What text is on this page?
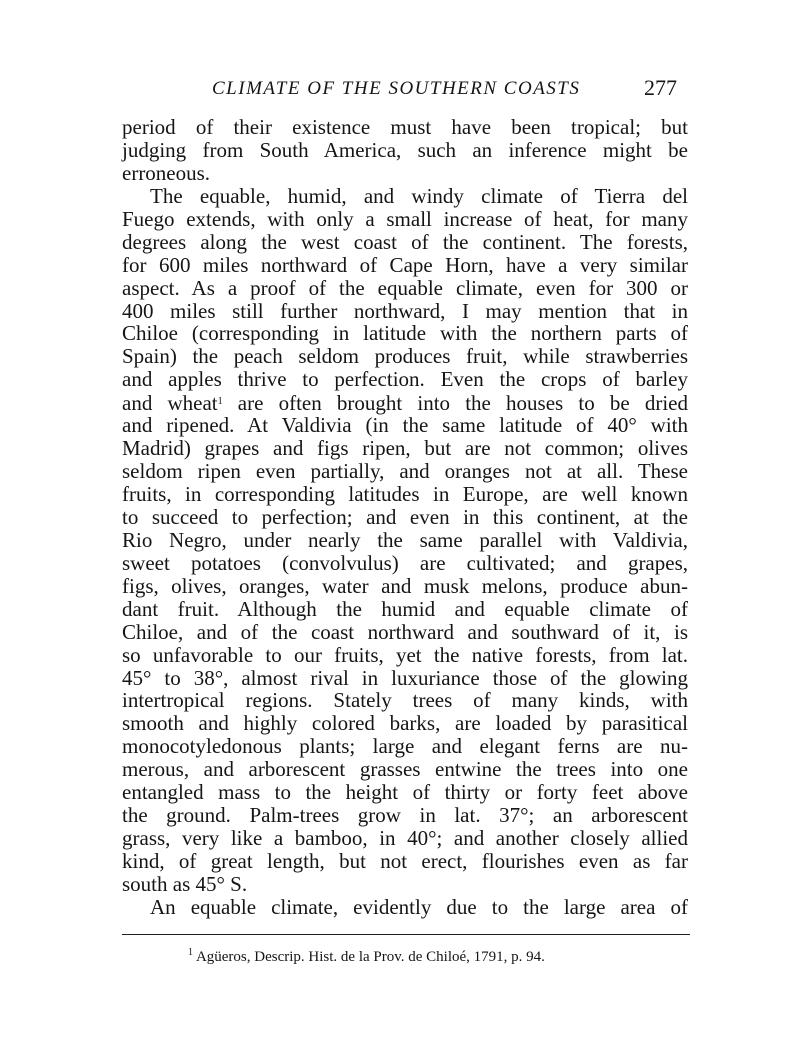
CLIMATE OF THE SOUTHERN COASTS	277
period of their existence must have been tropical; but
judging from South America, such an inference might be
erroneous.
The equable, humid, and windy climate of Tierra del
Fuego extends, with only a small increase of heat, for many
degrees along the west coast of the continent. The forests,
for 600 miles northward of Cape Horn, have a very similar
aspect. As a proof of the equable climate, even for 300 or
400 miles still further northward, I may mention that in
Chiloe (corresponding in latitude with the northern parts of
Spain) the peach seldom produces fruit, while strawberries
and apples thrive to perfection. Even the crops of barley
and wheat$^1$ are often brought into the houses to be dried
and ripened. At Valdivia (in the same latitude of 40° with
Madrid) grapes and figs ripen, but are not common; olives
seldom ripen even partially, and oranges not at all. These
fruits, in corresponding latitudes in Europe, are well known
to succeed to perfection; and even in this continent, at the
Rio Negro, under nearly the same parallel with Valdivia,
sweet potatoes (convolvulus) are cultivated; and grapes,
figs, olives, oranges, water and musk melons, produce abun-
dant fruit. Although the humid and equable climate of
Chiloe, and of the coast northward and southward of it, is
so unfavorable to our fruits, yet the native forests, from lat.
45° to 38°, almost rival in luxuriance those of the glowing
intertropical regions. Stately trees of many kinds, with
smooth and highly colored barks, are loaded by parasitical
monocotyledonous plants; large and elegant ferns are nu-
merous, and arborescent grasses entwine the trees into one
entangled mass to the height of thirty or forty feet above
the ground. Palm-trees grow in lat. 37°; an arborescent
grass, very like a bamboo, in 40°; and another closely allied
kind, of great length, but not erect, flourishes even as far
south as 45° S.
An equable climate, evidently due to the large area of
$^1$ Agüeros, Descrip. Hist. de la Prov. de Chiloé, 1791, p. 94.
